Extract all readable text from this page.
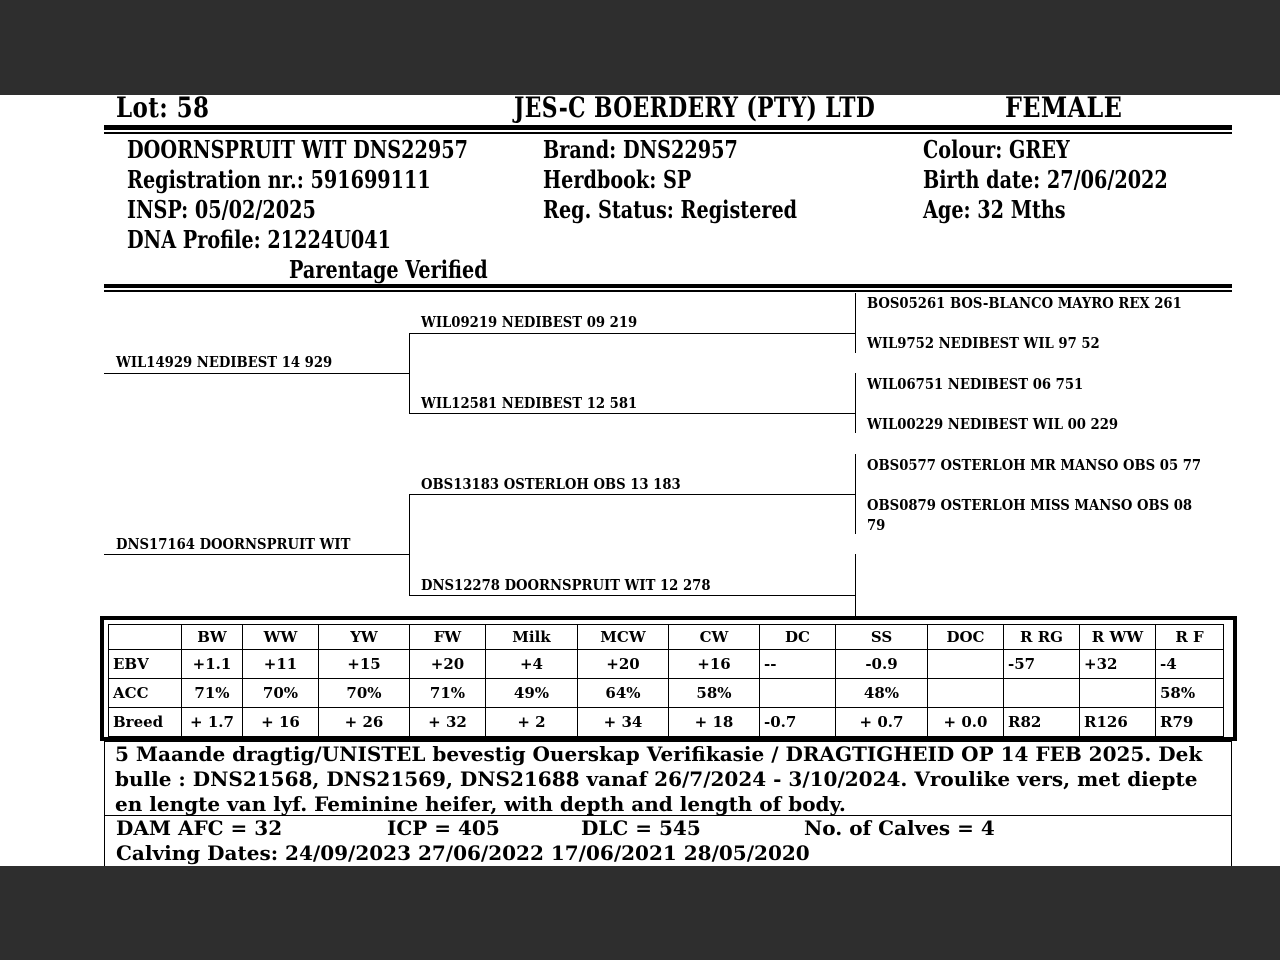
Lot: 58	JES-C BOERDERY (PTY) LTD	FEMALE
DOORNSPRUIT WIT DNS22957
Registration nr.: 591699111
INSP: 05/02/2025
DNA Profile: 21224U041
Parentage Verified
Brand: DNS22957
Herdbook: SP
Reg. Status: Registered
Colour: GREY
Birth date: 27/06/2022
Age: 32 Mths
WIL14929 NEDIBEST 14 929
DNS17164 DOORNSPRUIT WIT
WIL09219 NEDIBEST 09 219
WIL12581 NEDIBEST 12 581
OBS13183 OSTERLOH OBS 13 183
DNS12278 DOORNSPRUIT WIT 12 278
BOS05261 BOS-BLANCO MAYRO REX 261
WIL9752 NEDIBEST WIL 97 52
WIL06751 NEDIBEST 06 751
WIL00229 NEDIBEST WIL 00 229
OBS0577 OSTERLOH MR MANSO OBS 05 77
OBS0879 OSTERLOH MISS MANSO OBS 08
79
	BW	WW	YW	FW	Milk	MCW	CW	DC	SS	DOC	R RG	R WW	R F
EBV	+1.1	+11	+15	+20	+4	+20	+16	--	-0.9		-57	+32	-4
ACC	71%	70%	70%	71%	49%	64%	58%		48%				58%
Breed	+ 1.7	+ 16	+ 26	+ 32	+ 2	+ 34	+ 18	-0.7	+ 0.7	+ 0.0	R82	R126	R79
5 Maande dragtig/UNISTEL bevestig Ouerskap Verifikasie / DRAGTIGHEID OP 14 FEB 2025. Dek bulle : DNS21568, DNS21569, DNS21688 vanaf 26/7/2024 - 3/10/2024. Vroulike vers, met diepte en lengte van lyf. Feminine heifer, with depth and length of body.
DAM AFC = 32	ICP = 405	DLC = 545	No. of Calves = 4
Calving Dates: 24/09/2023 27/06/2022 17/06/2021 28/05/2020
